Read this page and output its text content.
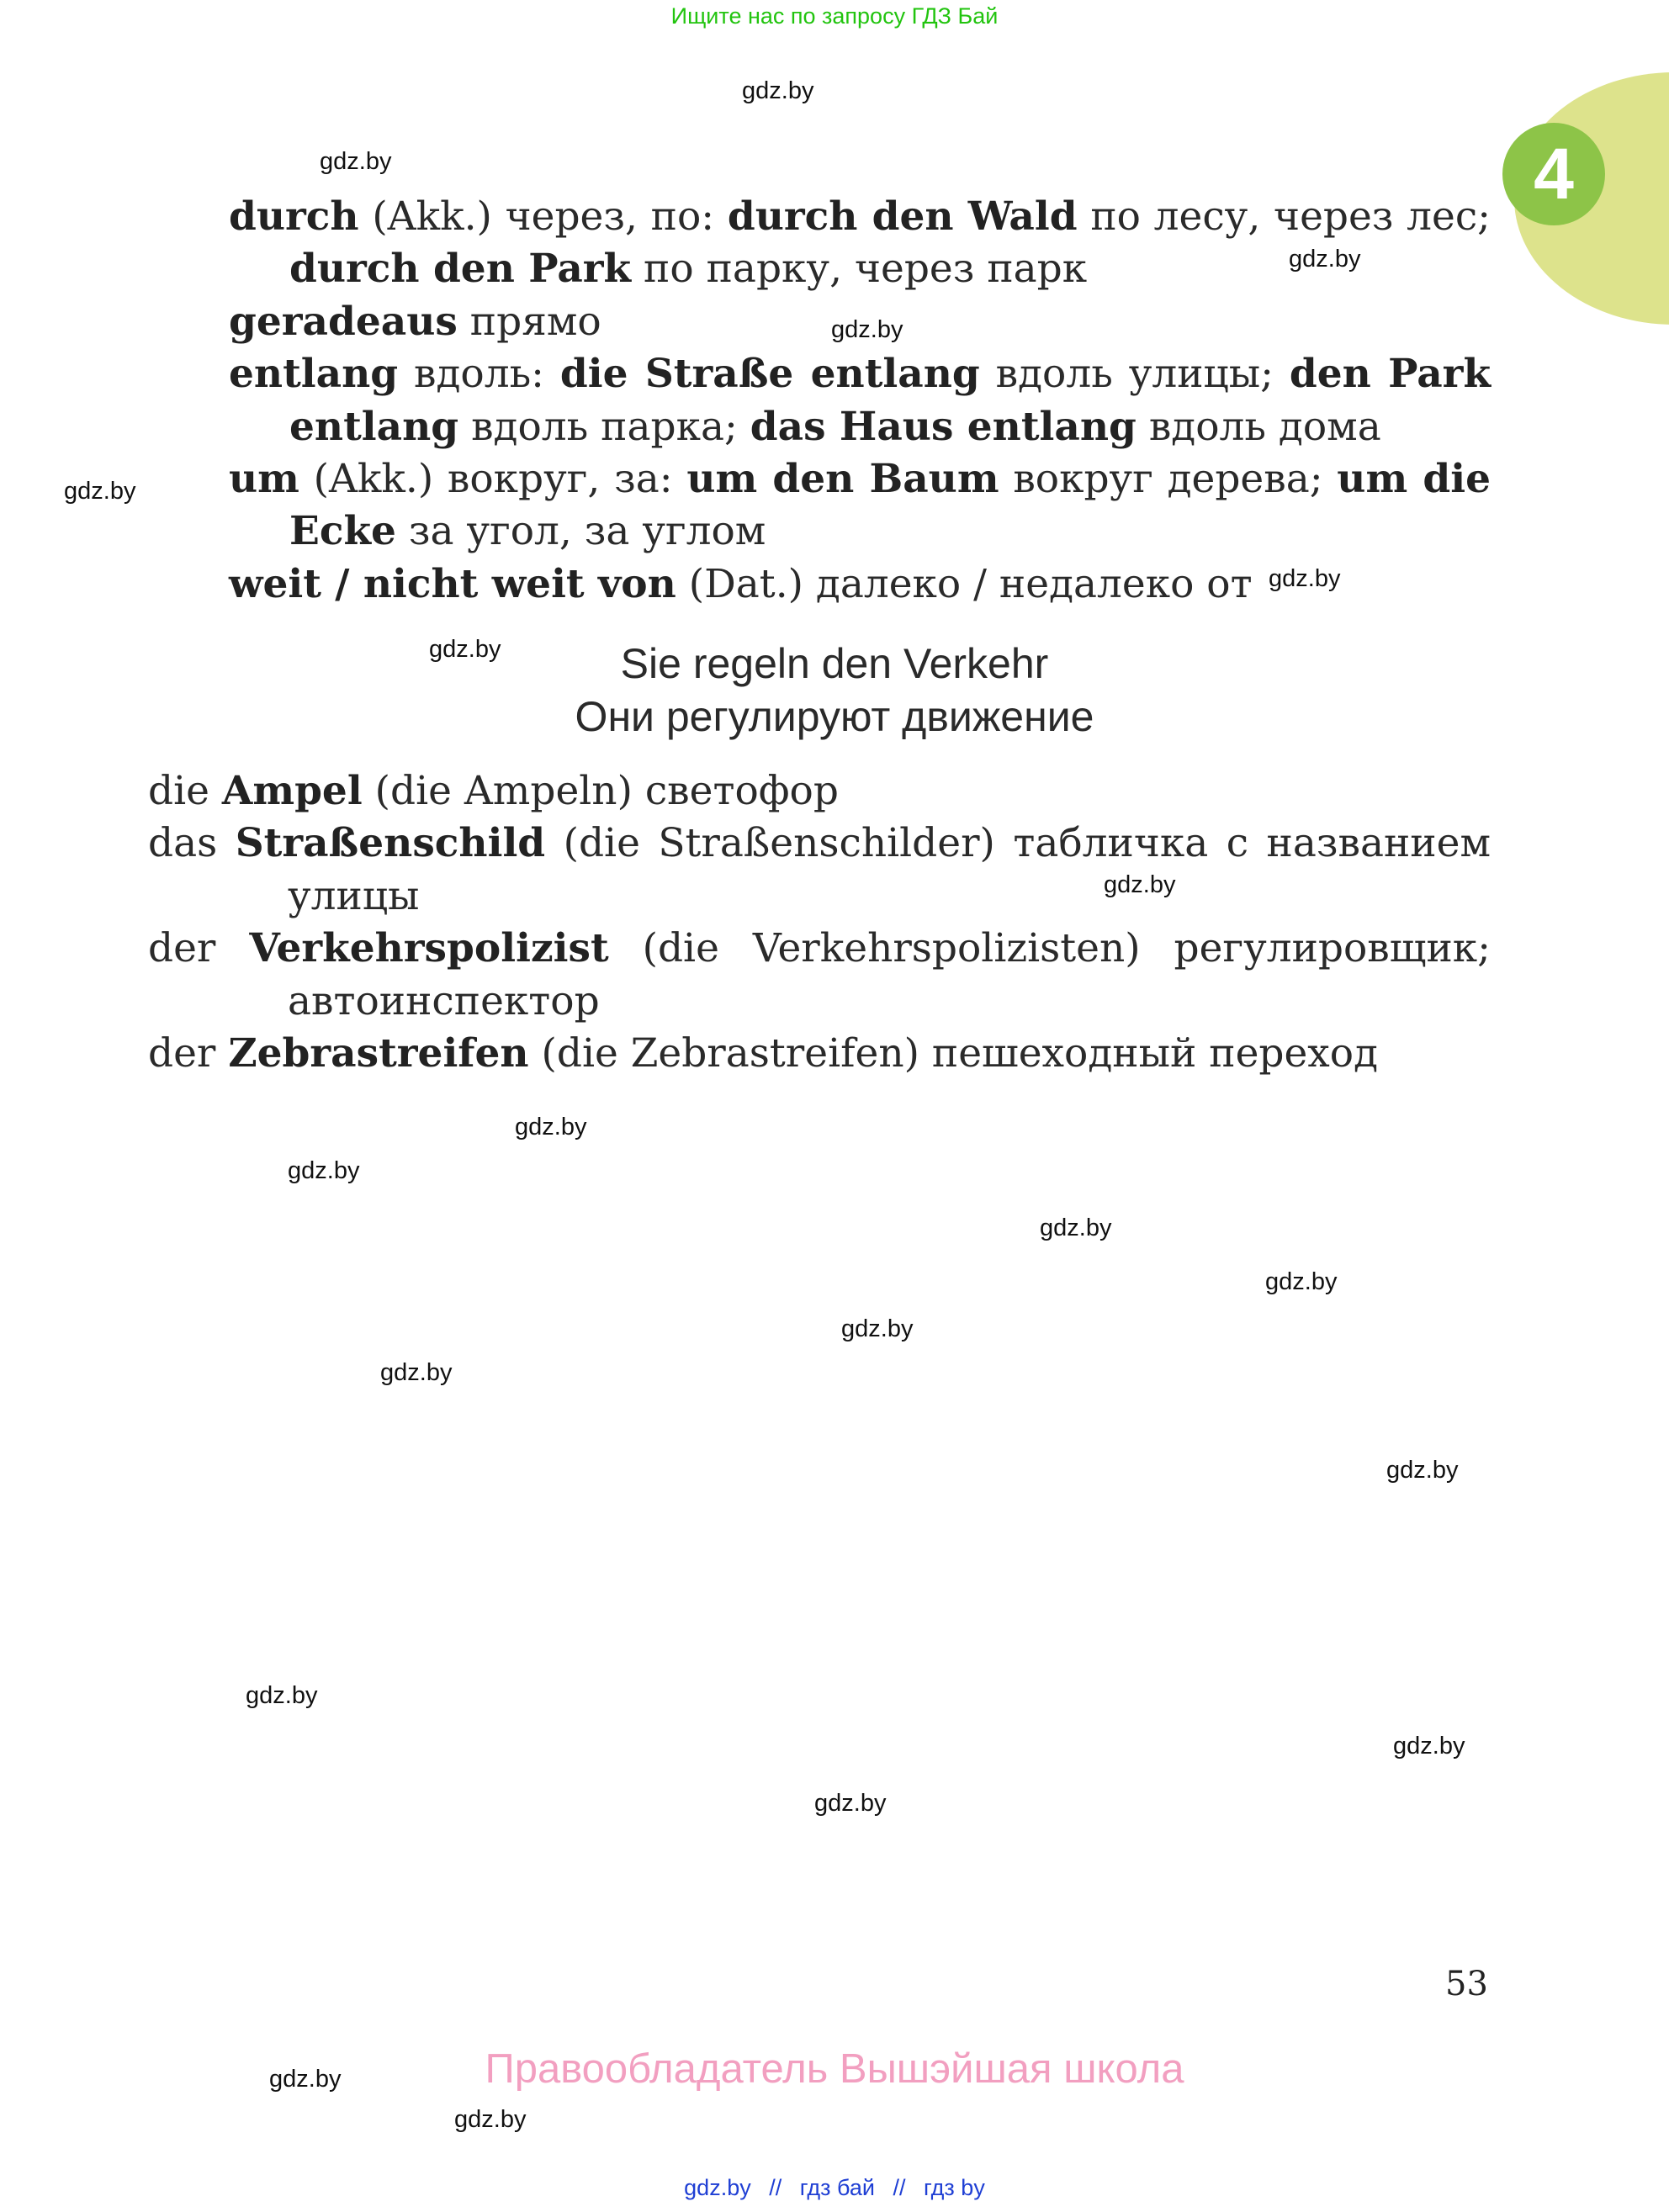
Ищите нас по запросу ГДЗ Бай
4
gdz.by
gdz.by
gdz.by
gdz.by
gdz.by
gdz.by
gdz.by
gdz.by
gdz.by
gdz.by
gdz.by
gdz.by
gdz.by
gdz.by
gdz.by
gdz.by
gdz.by
gdz.by
gdz.by
gdz.by

durch (Akk.) через, по: durch den Wald по лесу, через лес; durch den Park по парку, через парк

geradeaus прямо

entlang вдоль: die Straße entlang вдоль улицы; den Park entlang вдоль парка; das Haus entlang вдоль дома

um (Akk.) вокруг, за: um den Baum вокруг дерева; um die Ecke за угол, за углом

weit / nicht weit von (Dat.) далеко / недалеко от

Sie regeln den Verkehr
Они регулируют движение

die Ampel (die Ampeln) светофор

das Straßenschild (die Straßenschilder) табличка с названием улицы

der Verkehrspolizist (die Verkehrspolizisten) регулировщик; автоинспектор

der Zebrastreifen (die Zebrastreifen) пешеходный переход

53
Правообладатель Вышэйшая школа
gdz.by // гдз бай // гдз by
